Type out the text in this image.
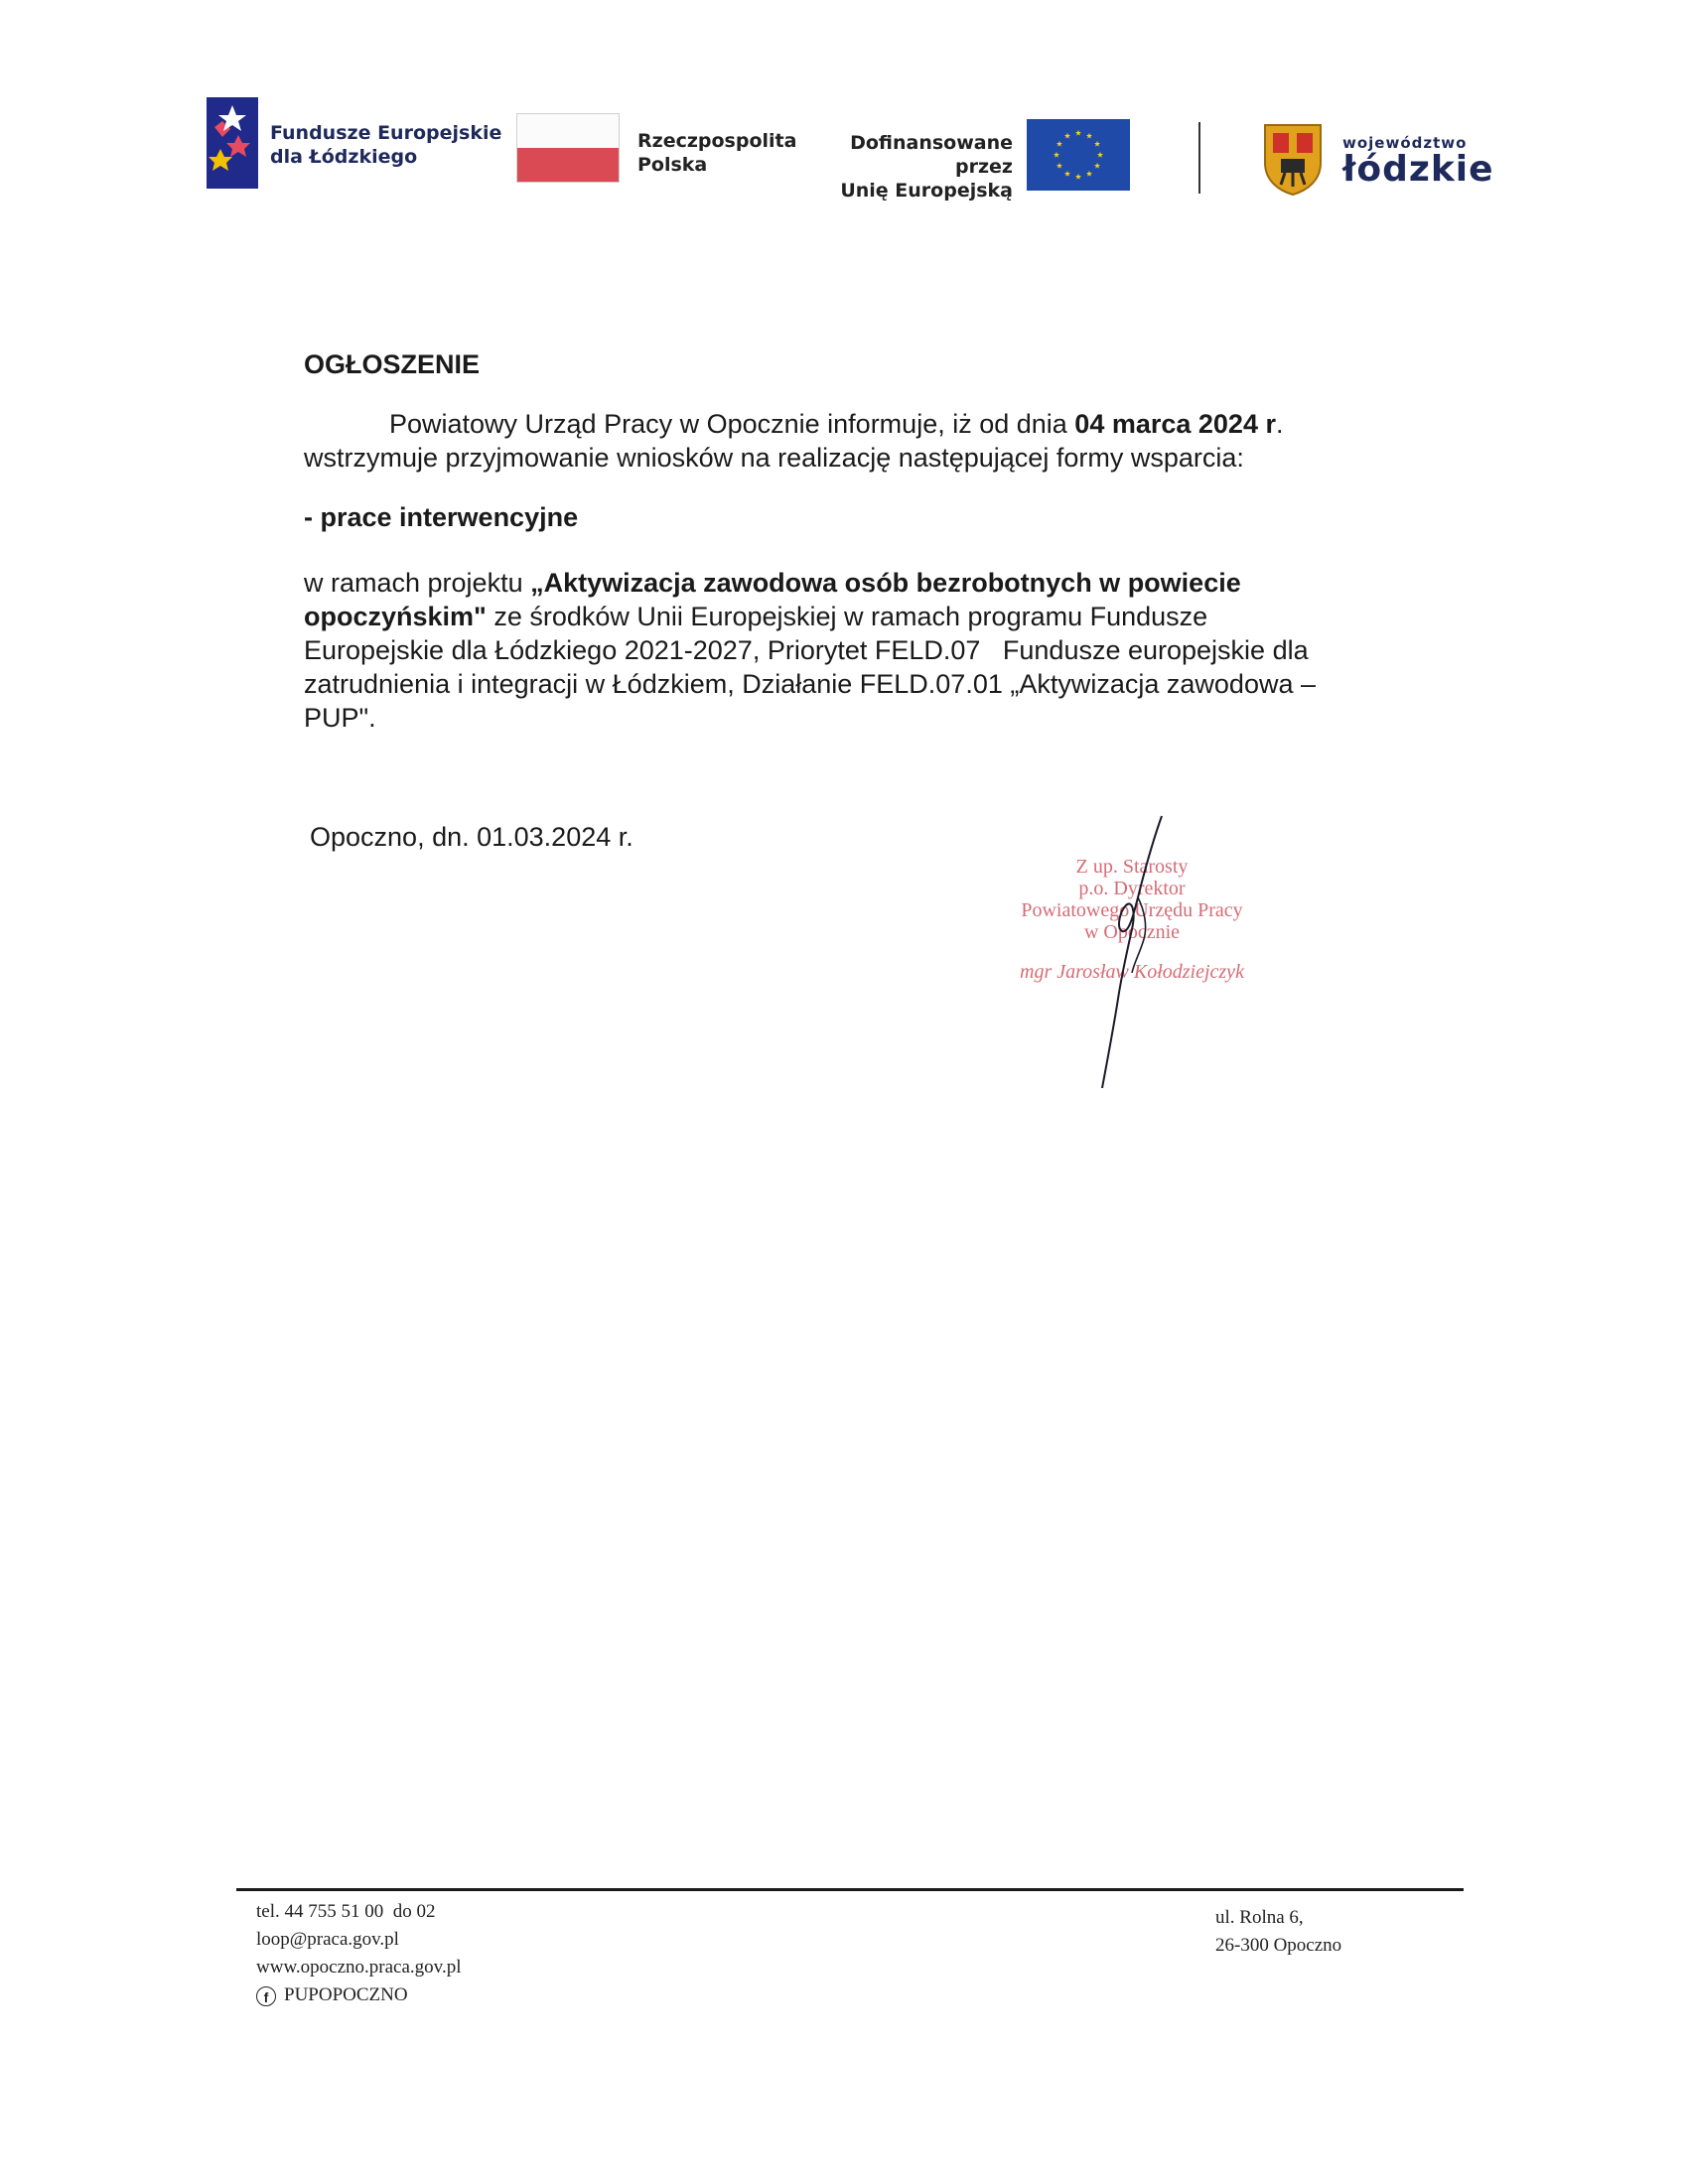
Fundusze Europejskie
dla Łódzkiego
Rzeczpospolita
Polska
Dofinansowane przez
Unię Europejską
województwo
łódzkie
OGŁOSZENIE
Powiatowy Urząd Pracy w Opocznie informuje, iż od dnia 04 marca 2024 r.
wstrzymuje przyjmowanie wniosków na realizację następującej formy wsparcia:
- prace interwencyjne
w ramach projektu „Aktywizacja zawodowa osób bezrobotnych w powiecie
opoczyńskim" ze środków Unii Europejskiej w ramach programu Fundusze
Europejskie dla Łódzkiego 2021-2027, Priorytet FELD.07   Fundusze europejskie dla
zatrudnienia i integracji w Łódzkiem, Działanie FELD.07.01 „Aktywizacja zawodowa –
PUP".
Opoczno, dn. 01.03.2024 r.
Z up. Starosty
p.o. Dyrektor
Powiatowego Urzędu Pracy
w Opocznie
mgr Jarosław Kołodziejczyk
tel. 44 755 51 00  do 02
loop@praca.gov.pl
www.opoczno.praca.gov.pl
f PUPOPOCZNO
ul. Rolna 6,
26-300 Opoczno
